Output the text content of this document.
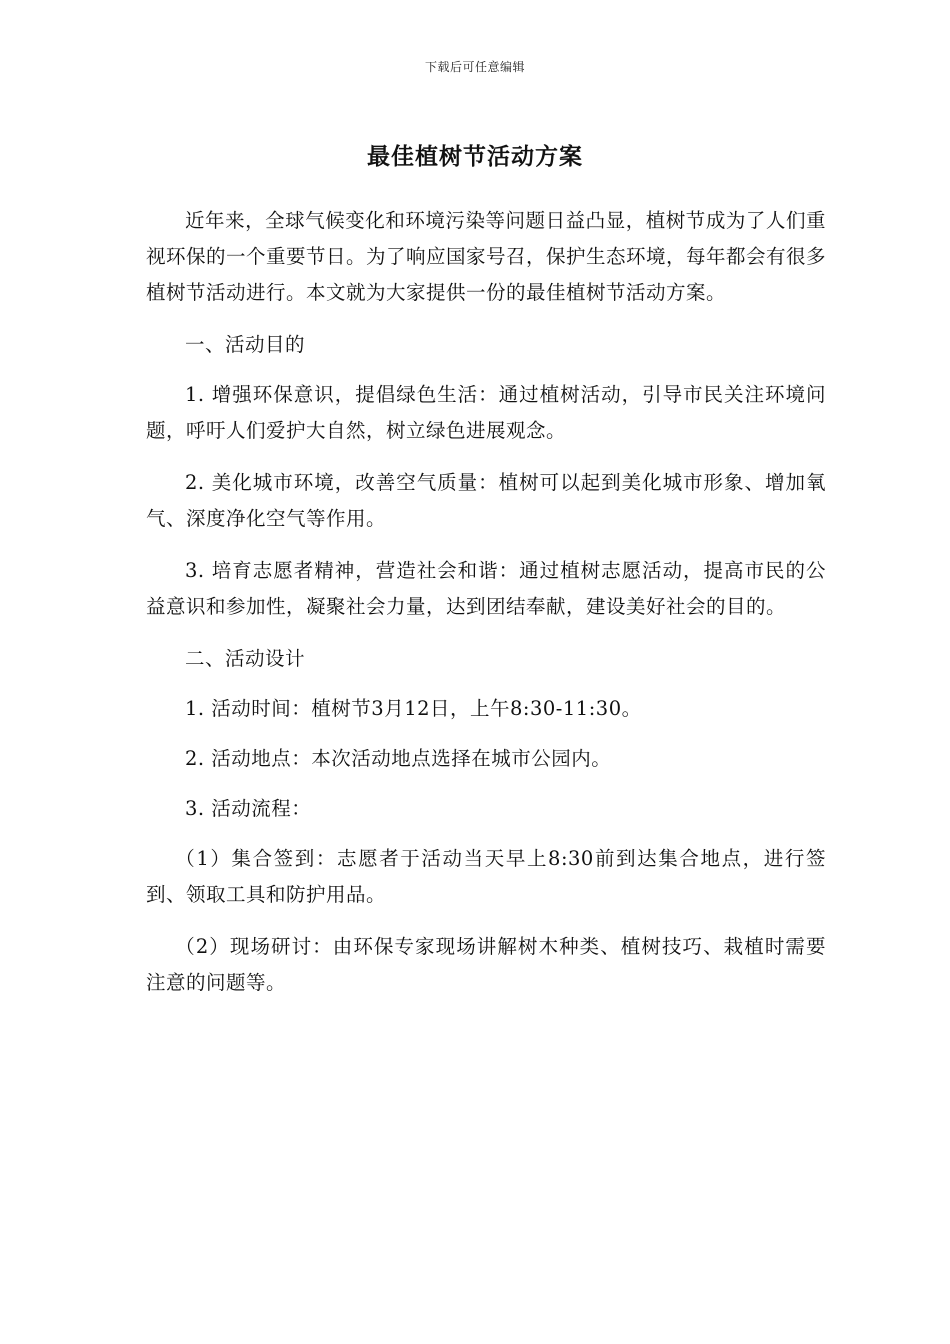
下载后可任意编辑
最佳植树节活动方案

近年来，全球气候变化和环境污染等问题日益凸显，植树节成为了人们重视环保的一个重要节日。为了响应国家号召，保护生态环境，每年都会有很多植树节活动进行。本文就为大家提供一份的最佳植树节活动方案。

一、活动目的

1. 增强环保意识，提倡绿色生活：通过植树活动，引导市民关注环境问题，呼吁人们爱护大自然，树立绿色进展观念。

2. 美化城市环境，改善空气质量：植树可以起到美化城市形象、增加氧气、深度净化空气等作用。

3. 培育志愿者精神，营造社会和谐：通过植树志愿活动，提高市民的公益意识和参加性，凝聚社会力量，达到团结奉献，建设美好社会的目的。

二、活动设计

1. 活动时间：植树节3月12日，上午8:30-11:30。

2. 活动地点：本次活动地点选择在城市公园内。

3. 活动流程：

（1）集合签到：志愿者于活动当天早上8:30前到达集合地点，进行签到、领取工具和防护用品。

（2）现场研讨：由环保专家现场讲解树木种类、植树技巧、栽植时需要注意的问题等。
